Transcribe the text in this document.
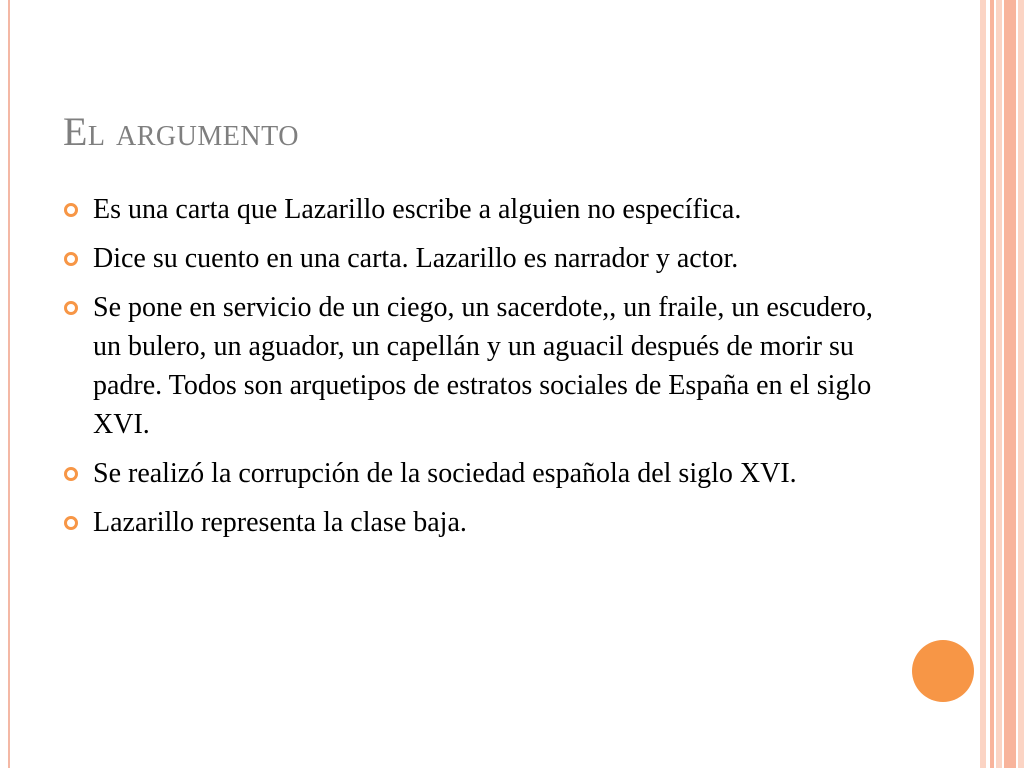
El argumento
Es una carta que Lazarillo escribe a alguien no específica.
Dice su cuento en una carta. Lazarillo es narrador y actor.
Se pone en servicio de un ciego, un sacerdote,, un fraile, un escudero, un bulero, un aguador, un capellán y un aguacil después de morir su padre. Todos son arquetipos de estratos sociales de España en el siglo XVI.
Se realizó la corrupción de la sociedad española del siglo XVI.
Lazarillo representa la clase baja.
